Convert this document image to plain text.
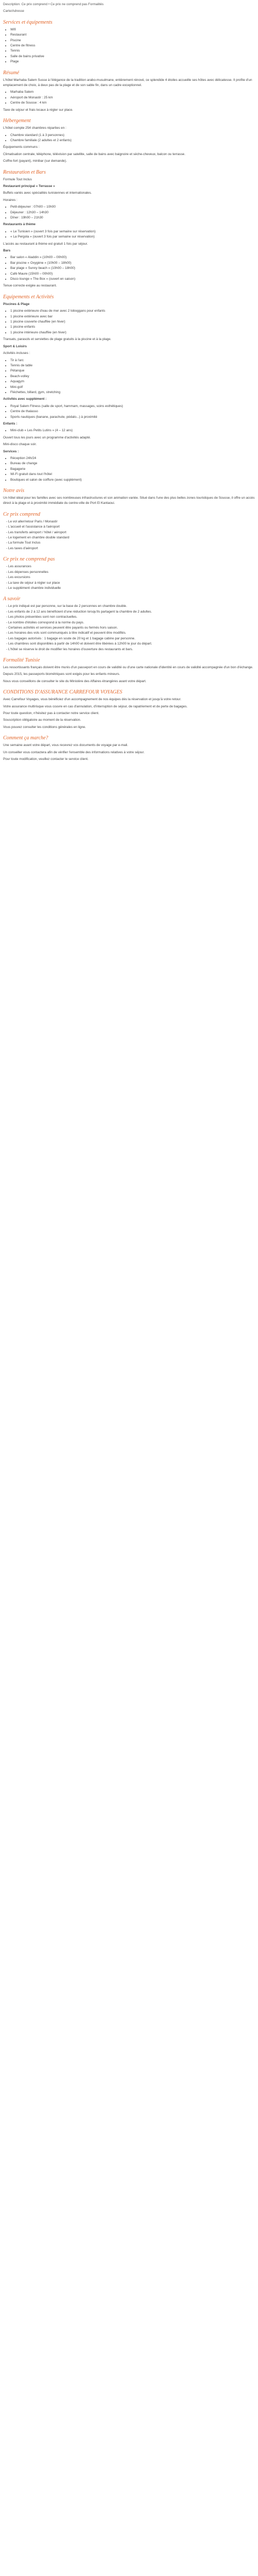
Description: Ce prix comprend • Ce prix ne comprend pas Formalités

Carte/Adresse

Services et équipements
• Wifi
• Restaurant
• Piscine
• Centre de fitness
• Tennis
• Salle de bains privative
• Plage
Résumé

L'hôtel Marhaba Salem Susse à l'élégance de la tradition arabo-musulmane, entièrement rénové, ce splendide 4 étoiles accueille ses hôtes avec délicatesse. Il profite d'un emplacement de choix, à deux pas de la plage et de son sable fin, dans un cadre exceptionnel.

• Marhaba Salem
• Aéroport de Monastir : 25 km
• Centre de Sousse : 4 km

Taxe de séjour et frais locaux à régler sur place.

Hébergement

L'hôtel compte 254 chambres réparties en :

• Chambre standard (1 à 3 personnes)
• Chambre familiale (2 adultes et 2 enfants)

Équipements communs :

Climatisation centrale, téléphone, télévision par satellite, salle de bains avec baignoire et sèche-cheveux, balcon ou terrasse.

Coffre-fort (payant), minibar (sur demande).

Restauration et Bars

Formule Tout Inclus

Restaurant principal « Terrasse »

Buffets variés avec spécialités tunisiennes et internationales.

Horaires :

• Petit-déjeuner : 07h00 – 10h00
• Déjeuner : 12h30 – 14h30
• Dîner : 19h00 – 21h30

Restaurants à thème

• « Le Tunisien » (ouvert 3 fois par semaine sur réservation)
• « La Pergola » (ouvert 3 fois par semaine sur réservation)

L'accès au restaurant à thème est gratuit 1 fois par séjour.

Bars

• Bar salon « Aladdin » (10h00 – 00h00)
• Bar piscine « Oxygène » (10h00 – 18h00)
• Bar plage « Sunny beach » (10h00 – 18h00)
• Café Maure (15h00 – 00h00)
• Disco lounge « The Box » (ouvert en saison)

Tenue correcte exigée au restaurant.

Equipements et Activités

Piscines & Plage

• 1 piscine extérieure d'eau de mer avec 2 toboggans pour enfants
• 1 piscine extérieure avec bar
• 1 piscine couverte chauffée (en hiver)
• 1 piscine enfants
• 1 piscine intérieure chauffée (en hiver)

Transats, parasols et serviettes de plage gratuits à la piscine et à la plage.

Sport & Loisirs

Activités incluses :

• Tir à l'arc
• Tennis de table
• Pétanque
• Beach-volley
• Aquagym
• Mini-golf
• Fléchettes, billard, gym, stretching

Activités avec supplément :

• Royal Salem Fitness (salle de sport, hammam, massages, soins esthétiques)
• Centre de thalasso
• Sports nautiques (banane, parachute, pédalo...) à proximité

Enfants :

• Mini-club « Les Petits Lutins » (4 – 12 ans)

Ouvert tous les jours avec un programme d'activités adapté.

Mini-disco chaque soir.

Services :

• Réception 24h/24
• Bureau de change
• Bagagerie
• Wi-Fi gratuit dans tout l'hôtel
• Boutiques et salon de coiffure (avec supplément)
Notre avis

Un hôtel idéal pour les familles avec ses nombreuses infrastructures et son animation variée. Situé dans l'une des plus belles zones touristiques de Sousse, il offre un accès direct à la plage et à proximité immédiate du centre-ville de Port El Kantaoui.

Ce prix comprend
- Le vol aller/retour Paris / Monastir
- L'accueil et l'assistance à l'aéroport
- Les transferts aéroport / hôtel / aéroport
- Le logement en chambre double standard
- La formule Tout Inclus
- Les taxes d'aéroport
Ce prix ne comprend pas
- Les assurances
- Les dépenses personnelles
- Les excursions
- La taxe de séjour à régler sur place
- Le supplément chambre individuelle
A savoir
- Le prix indiqué est par personne, sur la base de 2 personnes en chambre double.
- Les enfants de 2 à 12 ans bénéficient d'une réduction lorsqu'ils partagent la chambre de 2 adultes.
- Les photos présentées sont non contractuelles.
- Le nombre d'étoiles correspond à la norme du pays.
- Certaines activités et services peuvent être payants ou fermés hors saison.
- Les horaires des vols sont communiqués à titre indicatif et peuvent être modifiés.
- Les bagages autorisés : 1 bagage en soute de 20 kg et 1 bagage cabine par personne.
- Les chambres sont disponibles à partir de 14h00 et doivent être libérées à 12h00 le jour du départ.
- L'hôtel se réserve le droit de modifier les horaires d'ouverture des restaurants et bars.
Formalité Tunisie

Les ressortissants français doivent être munis d'un passeport en cours de validité ou d'une carte nationale d'identité en cours de validité accompagnée d'un bon d'échange.

Depuis 2015, les passeports biométriques sont exigés pour les enfants mineurs.

Nous vous conseillons de consulter le site du Ministère des Affaires étrangères avant votre départ.

CONDITIONS D'ASSURANCE CARREFOUR VOYAGES

Avec Carrefour Voyages, vous bénéficiez d'un accompagnement de nos équipes dès la réservation et jusqu'à votre retour.

Votre assurance multirisque vous couvre en cas d'annulation, d'interruption de séjour, de rapatriement et de perte de bagages.

Pour toute question, n'hésitez pas à contacter notre service client.

Souscription obligatoire au moment de la réservation.

Vous pouvez consulter les conditions générales en ligne.

Comment ça marche?

Une semaine avant votre départ, vous recevrez vos documents de voyage par e-mail.

Un conseiller vous contactera afin de vérifier l'ensemble des informations relatives à votre séjour.

Pour toute modification, veuillez contacter le service client.
